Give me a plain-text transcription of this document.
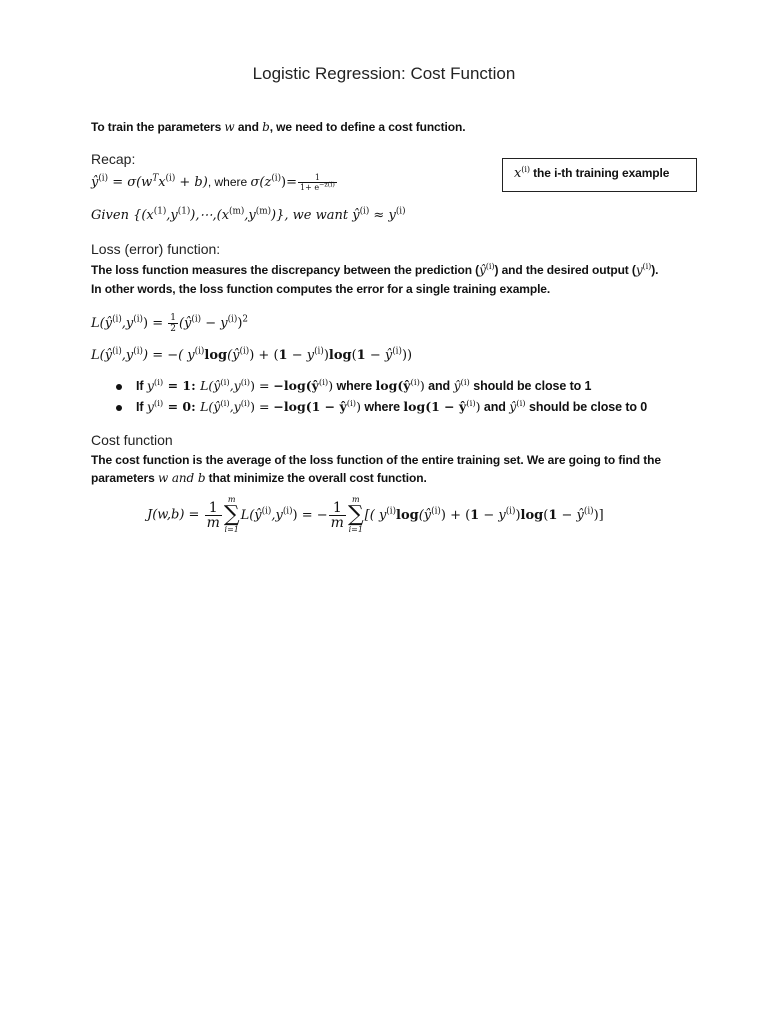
Logistic Regression: Cost Function
To train the parameters w and b, we need to define a cost function.
Recap:
$ŷ^{(i)} = \sigma(w^Tx^{(i)} + b)$, where $\sigma(z^{(i)})= \frac{1}{1+ e^{-z(i)}}$
Given $\{(x^{(1)},y^{(1)}),\cdots,(x^{(m)},y^{(m)})\}$, we want $ŷ^{(i)} \approx y^{(i)}$
$x^{(i)}$ the i-th training example
Loss (error) function:
The loss function measures the discrepancy between the prediction $(ŷ^{(i)})$ and the desired output $(y^{(i)})$.
In other words, the loss function computes the error for a single training example.
$L(ŷ^{(i)},y^{(i)}) = \frac{1}{2}$ $(ŷ^{(i)} - y^{(i)})^2$
$L(ŷ^{(i)},y^{(i)})$ = −( $y^{(i)}\log(ŷ^{(i)}) + (1 - y^{(i)})\log(1$ − $ŷ^{(i)}$))
If $y^{(i)} = 1$: $L(ŷ^{(i)},y^{(i)})$ = $-\log(ŷ^{(i)})$ where $\log(ŷ^{(i)})$ and $ŷ^{(i)}$ should be close to 1
If $y^{(i)} = 0$: $L(ŷ^{(i)},y^{(i)}) = -\log(1$ − $ŷ^{(i)}$) where $\log(1 - ŷ^{(i)})$ and $ŷ^{(i)}$ should be close to 0
Cost function
The cost function is the average of the loss function of the entire training set. We are going to find the
parameters w and b that minimize the overall cost function.
$J(w,b) = \frac{1}{m}$
m
∑
i=1
$L(ŷ^{(i)},y^{(i)})$ = − $\frac{1}{m}$
m
∑
i=1
[( $y^{(i)}\log(ŷ^{(i)}) + (1 - y^{(i)})\log(1$ − $ŷ^{(i)}$)]
